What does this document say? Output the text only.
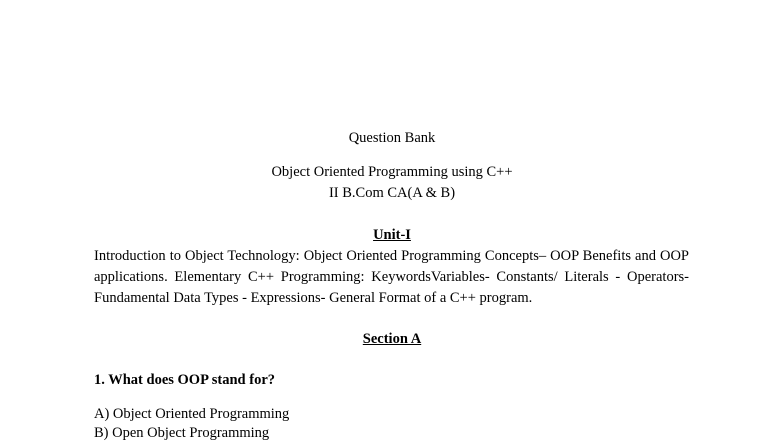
Question Bank
Object Oriented Programming using C++
II B.Com CA(A & B)
Unit-I
Introduction to Object Technology: Object Oriented Programming Concepts– OOP Benefits and OOP applications. Elementary C++ Programming: KeywordsVariables- Constants/ Literals - Operators- Fundamental Data Types - Expressions- General Format of a C++ program.
Section A
1. What does OOP stand for?
A) Object Oriented Programming
B) Open Object Programming
